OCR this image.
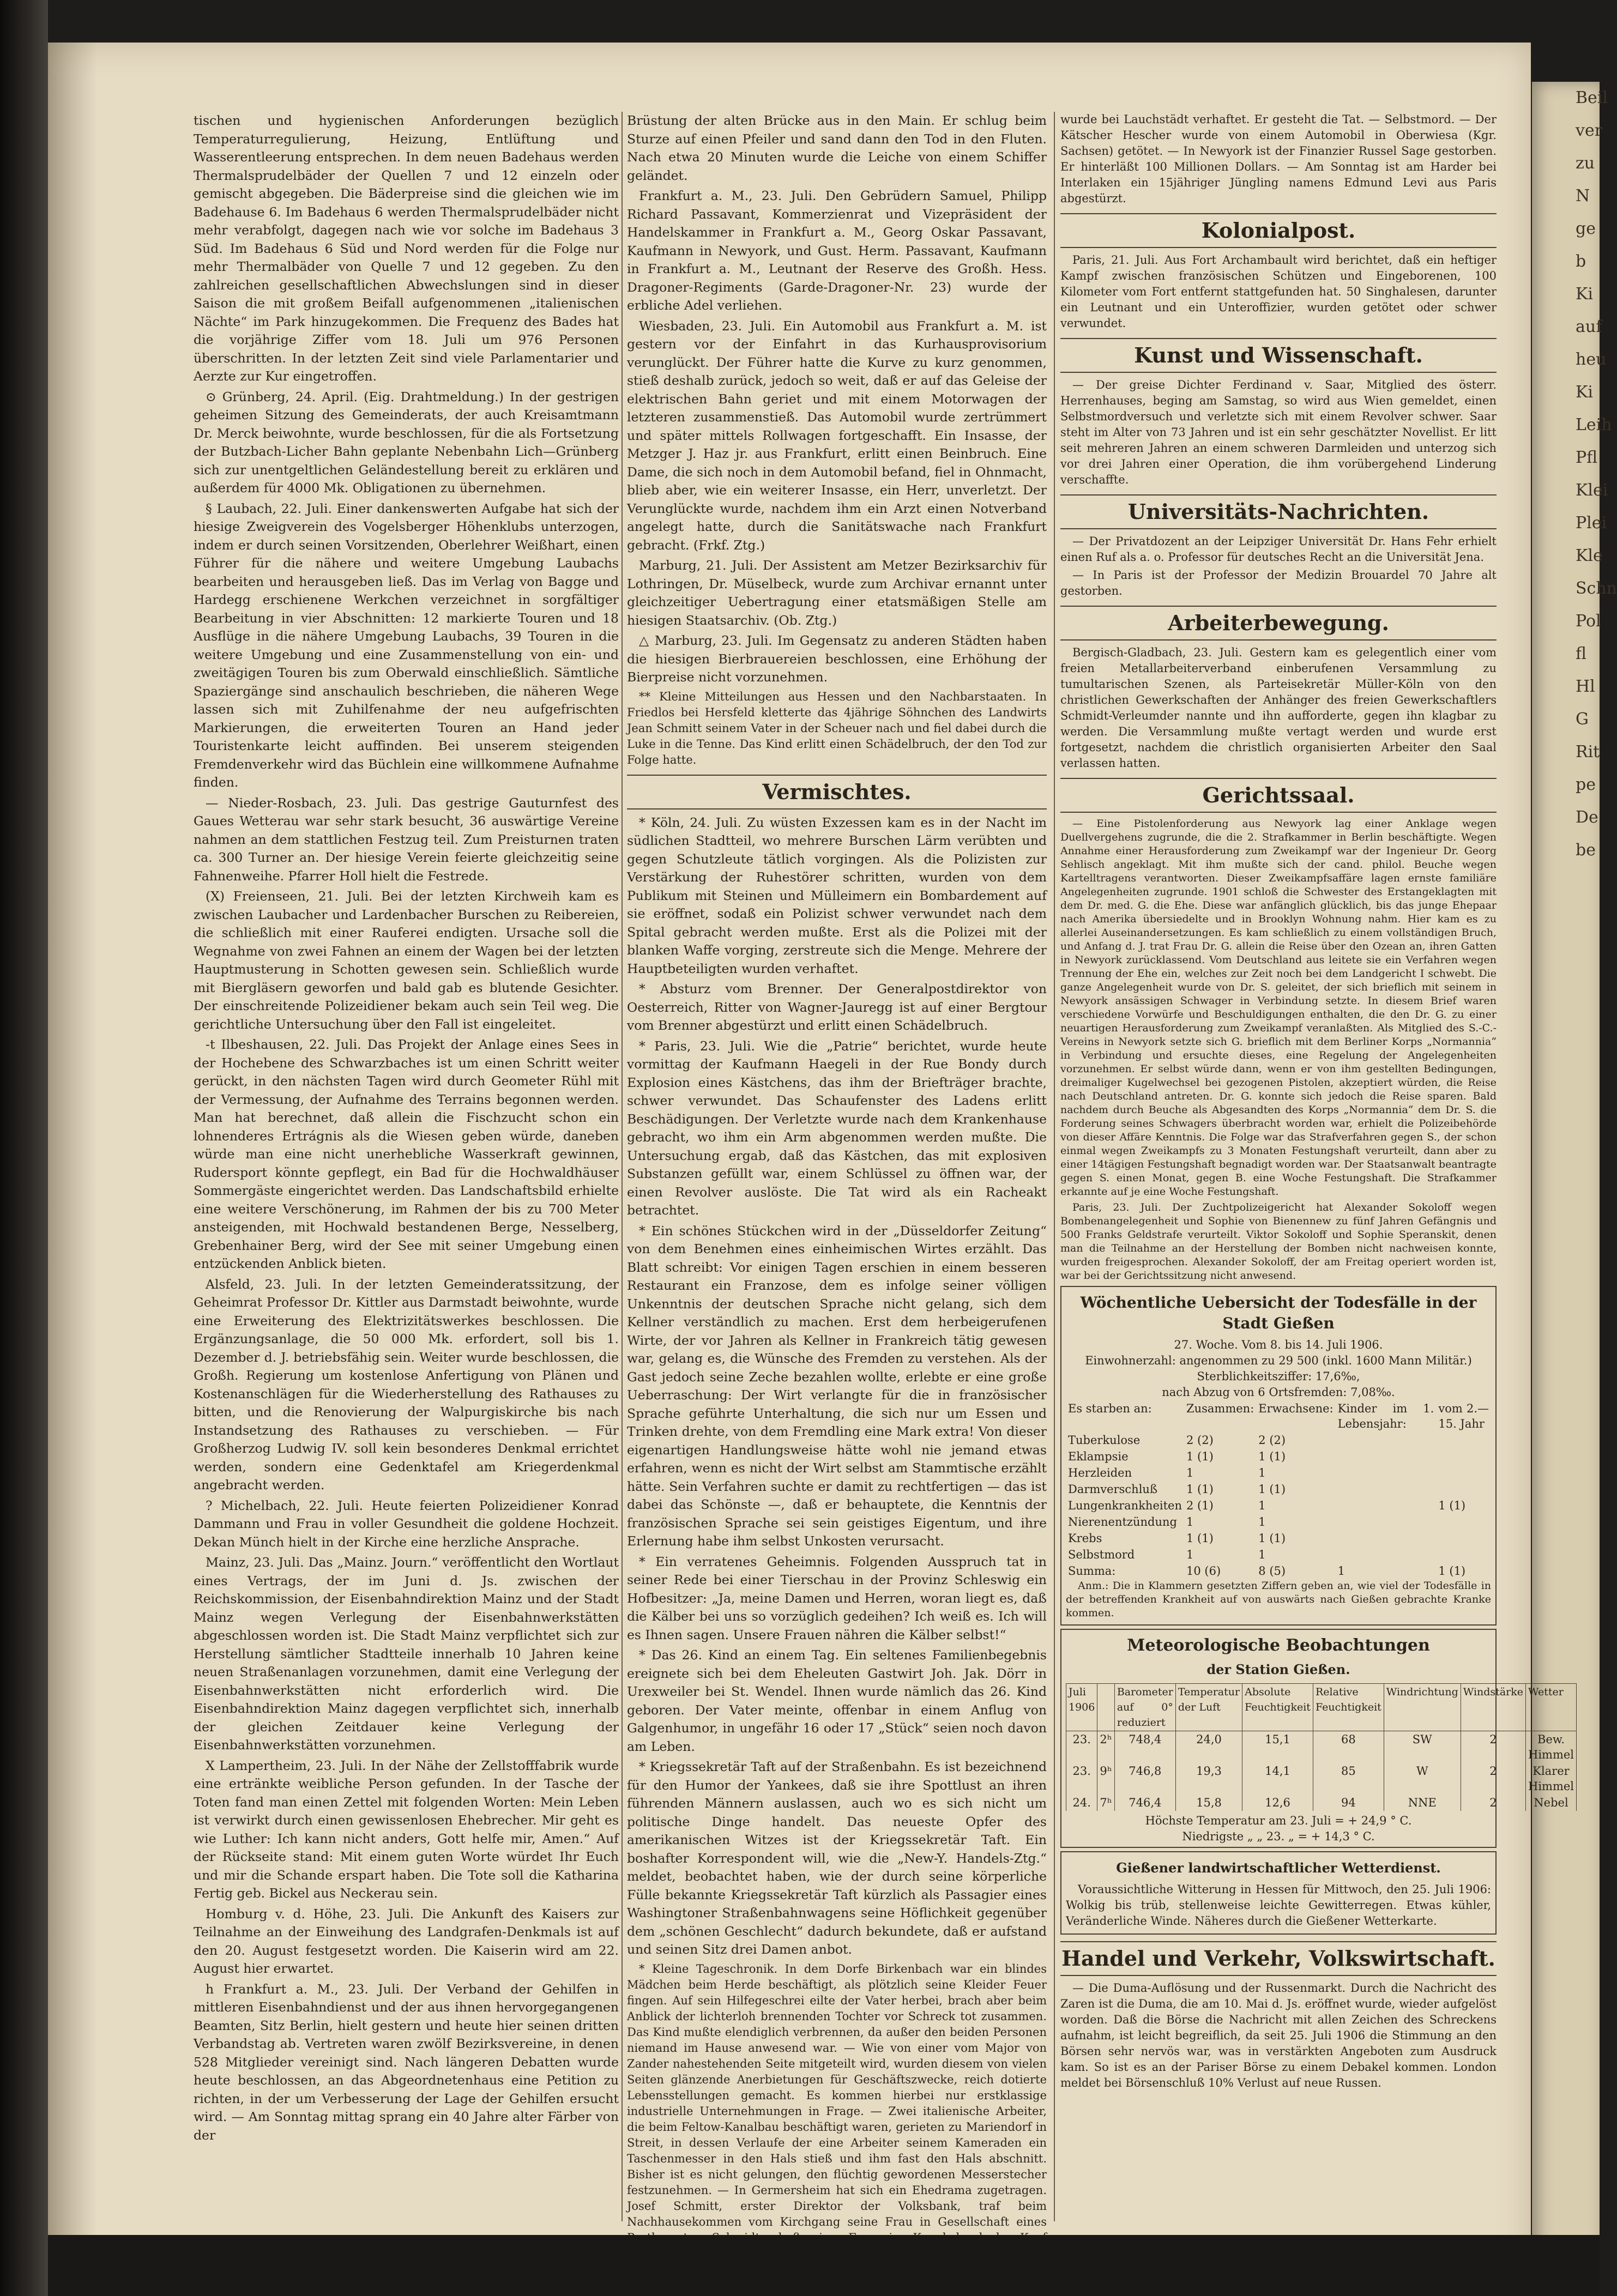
Beil

ver

zu

N

ge

b

Ki

auf

heu

Ki

Leih

Pfl

Klei

Plei

Kle

Schn

Pol

fl

Hl

G

Rit

pe

De

be

tischen und hygienischen Anforderungen bezüglich Temperaturregulierung, Heizung, Entlüftung und Wasserentleerung entsprechen. In dem neuen Badehaus werden Thermalsprudelbäder der Quellen 7 und 12 einzeln oder gemischt abgegeben. Die Bäderpreise sind die gleichen wie im Badehause 6. Im Badehaus 6 werden Thermalsprudelbäder nicht mehr verabfolgt, dagegen nach wie vor solche im Badehaus 3 Süd. Im Badehaus 6 Süd und Nord werden für die Folge nur mehr Thermalbäder von Quelle 7 und 12 gegeben. Zu den zahlreichen gesellschaftlichen Abwechslungen sind in dieser Saison die mit großem Beifall aufgenommenen „italienischen Nächte“ im Park hinzugekommen. Die Frequenz des Bades hat die vorjährige Ziffer vom 18. Juli um 976 Personen überschritten. In der letzten Zeit sind viele Parlamentarier und Aerzte zur Kur eingetroffen.

⊙ Grünberg, 24. April. (Eig. Drahtmeldung.) In der gestrigen geheimen Sitzung des Gemeinderats, der auch Kreisamtmann Dr. Merck beiwohnte, wurde beschlossen, für die als Fortsetzung der Butzbach-Licher Bahn geplante Nebenbahn Lich—Grünberg sich zur unentgeltlichen Geländestellung bereit zu erklären und außerdem für 4000 Mk. Obligationen zu übernehmen.

§ Laubach, 22. Juli. Einer dankenswerten Aufgabe hat sich der hiesige Zweigverein des Vogelsberger Höhenklubs unterzogen, indem er durch seinen Vorsitzenden, Oberlehrer Weißhart, einen Führer für die nähere und weitere Umgebung Laubachs bearbeiten und herausgeben ließ. Das im Verlag von Bagge und Hardegg erschienene Werkchen verzeichnet in sorgfältiger Bearbeitung in vier Abschnitten: 12 markierte Touren und 18 Ausflüge in die nähere Umgebung Laubachs, 39 Touren in die weitere Umgebung und eine Zusammenstellung von ein- und zweitägigen Touren bis zum Oberwald einschließlich. Sämtliche Spaziergänge sind anschaulich beschrieben, die näheren Wege lassen sich mit Zuhilfenahme der neu aufgefrischten Markierungen, die erweiterten Touren an Hand jeder Touristenkarte leicht auffinden. Bei unserem steigenden Fremdenverkehr wird das Büchlein eine willkommene Aufnahme finden.

— Nieder-Rosbach, 23. Juli. Das gestrige Gauturnfest des Gaues Wetterau war sehr stark besucht, 36 auswärtige Vereine nahmen an dem stattlichen Festzug teil. Zum Preisturnen traten ca. 300 Turner an. Der hiesige Verein feierte gleichzeitig seine Fahnenweihe. Pfarrer Holl hielt die Festrede.

(X) Freienseen, 21. Juli. Bei der letzten Kirchweih kam es zwischen Laubacher und Lardenbacher Burschen zu Reibereien, die schließlich mit einer Rauferei endigten. Ursache soll die Wegnahme von zwei Fahnen an einem der Wagen bei der letzten Hauptmusterung in Schotten gewesen sein. Schließlich wurde mit Biergläsern geworfen und bald gab es blutende Gesichter. Der einschreitende Polizeidiener bekam auch sein Teil weg. Die gerichtliche Untersuchung über den Fall ist eingeleitet.

-t Ilbeshausen, 22. Juli. Das Projekt der Anlage eines Sees in der Hochebene des Schwarzbaches ist um einen Schritt weiter gerückt, in den nächsten Tagen wird durch Geometer Rühl mit der Vermessung, der Aufnahme des Terrains begonnen werden. Man hat berechnet, daß allein die Fischzucht schon ein lohnenderes Ertrágnis als die Wiesen geben würde, daneben würde man eine nicht unerhebliche Wasserkraft gewinnen, Rudersport könnte gepflegt, ein Bad für die Hochwaldhäuser Sommergäste eingerichtet werden. Das Landschaftsbild erhielte eine weitere Verschönerung, im Rahmen der bis zu 700 Meter ansteigenden, mit Hochwald bestandenen Berge, Nesselberg, Grebenhainer Berg, wird der See mit seiner Umgebung einen entzückenden Anblick bieten.

Alsfeld, 23. Juli. In der letzten Gemeinderatssitzung, der Geheimrat Professor Dr. Kittler aus Darmstadt beiwohnte, wurde eine Erweiterung des Elektrizitätswerkes beschlossen. Die Ergänzungsanlage, die 50 000 Mk. erfordert, soll bis 1. Dezember d. J. betriebsfähig sein. Weiter wurde beschlossen, die Großh. Regierung um kostenlose Anfertigung von Plänen und Kostenanschlägen für die Wiederherstellung des Rathauses zu bitten, und die Renovierung der Walpurgiskirche bis nach Instandsetzung des Rathauses zu verschieben. — Für Großherzog Ludwig IV. soll kein besonderes Denkmal errichtet werden, sondern eine Gedenktafel am Kriegerdenkmal angebracht werden.

? Michelbach, 22. Juli. Heute feierten Polizeidiener Konrad Dammann und Frau in voller Gesundheit die goldene Hochzeit. Dekan Münch hielt in der Kirche eine herzliche Ansprache.

Mainz, 23. Juli. Das „Mainz. Journ.“ veröffentlicht den Wortlaut eines Vertrags, der im Juni d. Js. zwischen der Reichskommission, der Eisenbahndirektion Mainz und der Stadt Mainz wegen Verlegung der Eisenbahnwerkstätten abgeschlossen worden ist. Die Stadt Mainz verpflichtet sich zur Herstellung sämtlicher Stadtteile innerhalb 10 Jahren keine neuen Straßenanlagen vorzunehmen, damit eine Verlegung der Eisenbahnwerkstätten nicht erforderlich wird. Die Eisenbahndirektion Mainz dagegen verpflichtet sich, innerhalb der gleichen Zeitdauer keine Verlegung der Eisenbahnwerkstätten vorzunehmen.

X Lampertheim, 23. Juli. In der Nähe der Zellstofffabrik wurde eine ertränkte weibliche Person gefunden. In der Tasche der Toten fand man einen Zettel mit folgenden Worten: Mein Leben ist verwirkt durch einen gewissenlosen Ehebrecher. Mir geht es wie Luther: Ich kann nicht anders, Gott helfe mir, Amen.“ Auf der Rückseite stand: Mit einem guten Worte würdet Ihr Euch und mir die Schande erspart haben. Die Tote soll die Katharina Fertig geb. Bickel aus Neckerau sein.

Homburg v. d. Höhe, 23. Juli. Die Ankunft des Kaisers zur Teilnahme an der Einweihung des Landgrafen-Denkmals ist auf den 20. August festgesetzt worden. Die Kaiserin wird am 22. August hier erwartet.

h Frankfurt a. M., 23. Juli. Der Verband der Gehilfen in mittleren Eisenbahndienst und der aus ihnen hervorgegangenen Beamten, Sitz Berlin, hielt gestern und heute hier seinen dritten Verbandstag ab. Vertreten waren zwölf Bezirksvereine, in denen 528 Mitglieder vereinigt sind. Nach längeren Debatten wurde heute beschlossen, an das Abgeordnetenhaus eine Petition zu richten, in der um Verbesserung der Lage der Gehilfen ersucht wird. — Am Sonntag mittag sprang ein 40 Jahre alter Färber von der

Brüstung der alten Brücke aus in den Main. Er schlug beim Sturze auf einen Pfeiler und sand dann den Tod in den Fluten. Nach etwa 20 Minuten wurde die Leiche von einem Schiffer geländet.

Frankfurt a. M., 23. Juli. Den Gebrüdern Samuel, Philipp Richard Passavant, Kommerzienrat und Vizepräsident der Handelskammer in Frankfurt a. M., Georg Oskar Passavant, Kaufmann in Newyork, und Gust. Herm. Passavant, Kaufmann in Frankfurt a. M., Leutnant der Reserve des Großh. Hess. Dragoner-Regiments (Garde-Dragoner-Nr. 23) wurde der erbliche Adel verliehen.

Wiesbaden, 23. Juli. Ein Automobil aus Frankfurt a. M. ist gestern vor der Einfahrt in das Kurhausprovisorium verunglückt. Der Führer hatte die Kurve zu kurz genommen, stieß deshalb zurück, jedoch so weit, daß er auf das Geleise der elektrischen Bahn geriet und mit einem Motorwagen der letzteren zusammenstieß. Das Automobil wurde zertrümmert und später mittels Rollwagen fortgeschafft. Ein Insasse, der Metzger J. Haz jr. aus Frankfurt, erlitt einen Beinbruch. Eine Dame, die sich noch in dem Automobil befand, fiel in Ohnmacht, blieb aber, wie ein weiterer Insasse, ein Herr, unverletzt. Der Verunglückte wurde, nachdem ihm ein Arzt einen Notverband angelegt hatte, durch die Sanitätswache nach Frankfurt gebracht. (Frkf. Ztg.)

Marburg, 21. Juli. Der Assistent am Metzer Bezirksarchiv für Lothringen, Dr. Müselbeck, wurde zum Archivar ernannt unter gleichzeitiger Uebertragung einer etatsmäßigen Stelle am hiesigen Staatsarchiv. (Ob. Ztg.)

△ Marburg, 23. Juli. Im Gegensatz zu anderen Städten haben die hiesigen Bierbrauereien beschlossen, eine Erhöhung der Bierpreise nicht vorzunehmen.

** Kleine Mitteilungen aus Hessen und den Nachbarstaaten. In Friedlos bei Hersfeld kletterte das 4jährige Söhnchen des Landwirts Jean Schmitt seinem Vater in der Scheuer nach und fiel dabei durch die Luke in die Tenne. Das Kind erlitt einen Schädelbruch, der den Tod zur Folge hatte.

Vermischtes.

* Köln, 24. Juli. Zu wüsten Exzessen kam es in der Nacht im südlichen Stadtteil, wo mehrere Burschen Lärm verübten und gegen Schutzleute tätlich vorgingen. Als die Polizisten zur Verstärkung der Ruhestörer schritten, wurden von dem Publikum mit Steinen und Mülleimern ein Bombardement auf sie eröffnet, sodaß ein Polizist schwer verwundet nach dem Spital gebracht werden mußte. Erst als die Polizei mit der blanken Waffe vorging, zerstreute sich die Menge. Mehrere der Hauptbeteiligten wurden verhaftet.

* Absturz vom Brenner. Der Generalpostdirektor von Oesterreich, Ritter von Wagner-Jauregg ist auf einer Bergtour vom Brenner abgestürzt und erlitt einen Schädelbruch.

* Paris, 23. Juli. Wie die „Patrie“ berichtet, wurde heute vormittag der Kaufmann Haegeli in der Rue Bondy durch Explosion eines Kästchens, das ihm der Briefträger brachte, schwer verwundet. Das Schaufenster des Ladens erlitt Beschädigungen. Der Verletzte wurde nach dem Krankenhause gebracht, wo ihm ein Arm abgenommen werden mußte. Die Untersuchung ergab, daß das Kästchen, das mit explosiven Substanzen gefüllt war, einem Schlüssel zu öffnen war, der einen Revolver auslöste. Die Tat wird als ein Racheakt betrachtet.

* Ein schönes Stückchen wird in der „Düsseldorfer Zeitung“ von dem Benehmen eines einheimischen Wirtes erzählt. Das Blatt schreibt: Vor einigen Tagen erschien in einem besseren Restaurant ein Franzose, dem es infolge seiner völligen Unkenntnis der deutschen Sprache nicht gelang, sich dem Kellner verständlich zu machen. Erst dem herbeigerufenen Wirte, der vor Jahren als Kellner in Frankreich tätig gewesen war, gelang es, die Wünsche des Fremden zu verstehen. Als der Gast jedoch seine Zeche bezahlen wollte, erlebte er eine große Ueberraschung: Der Wirt verlangte für die in französischer Sprache geführte Unterhaltung, die sich nur um Essen und Trinken drehte, von dem Fremdling eine Mark extra! Von dieser eigenartigen Handlungsweise hätte wohl nie jemand etwas erfahren, wenn es nicht der Wirt selbst am Stammtische erzählt hätte. Sein Verfahren suchte er damit zu rechtfertigen — das ist dabei das Schönste —, daß er behauptete, die Kenntnis der französischen Sprache sei sein geistiges Eigentum, und ihre Erlernung habe ihm selbst Unkosten verursacht.

* Ein verratenes Geheimnis. Folgenden Ausspruch tat in seiner Rede bei einer Tierschau in der Provinz Schleswig ein Hofbesitzer: „Ja, meine Damen und Herren, woran liegt es, daß die Kälber bei uns so vorzüglich gedeihen? Ich weiß es. Ich will es Ihnen sagen. Unsere Frauen nähren die Kälber selbst!“

* Das 26. Kind an einem Tag. Ein seltenes Familienbegebnis ereignete sich bei dem Eheleuten Gastwirt Joh. Jak. Dörr in Urexweiler bei St. Wendel. Ihnen wurde nämlich das 26. Kind geboren. Der Vater meinte, offenbar in einem Anflug von Galgenhumor, in ungefähr 16 oder 17 „Stück“ seien noch davon am Leben.

* Kriegssekretär Taft auf der Straßenbahn. Es ist bezeichnend für den Humor der Yankees, daß sie ihre Spottlust an ihren führenden Männern auslassen, auch wo es sich nicht um politische Dinge handelt. Das neueste Opfer des amerikanischen Witzes ist der Kriegssekretär Taft. Ein boshafter Korrespondent will, wie die „New-Y. Handels-Ztg.“ meldet, beobachtet haben, wie der durch seine körperliche Fülle bekannte Kriegssekretär Taft kürzlich als Passagier eines Washingtoner Straßenbahnwagens seine Höflichkeit gegenüber dem „schönen Geschlecht“ dadurch bekundete, daß er aufstand und seinen Sitz drei Damen anbot.

* Kleine Tageschronik. In dem Dorfe Birkenbach war ein blindes Mädchen beim Herde beschäftigt, als plötzlich seine Kleider Feuer fingen. Auf sein Hilfegeschrei eilte der Vater herbei, brach aber beim Anblick der lichterloh brennenden Tochter vor Schreck tot zusammen. Das Kind mußte elendiglich verbrennen, da außer den beiden Personen niemand im Hause anwesend war. — Wie von einer vom Major von Zander nahestehenden Seite mitgeteilt wird, wurden diesem von vielen Seiten glänzende Anerbietungen für Geschäftszwecke, reich dotierte Lebensstellungen gemacht. Es kommen hierbei nur erstklassige industrielle Unternehmungen in Frage. — Zwei italienische Arbeiter, die beim Feltow-Kanalbau beschäftigt waren, gerieten zu Mariendorf in Streit, in dessen Verlaufe der eine Arbeiter seinem Kameraden ein Taschenmesser in den Hals stieß und ihm fast den Hals abschnitt. Bisher ist es nicht gelungen, den flüchtig gewordenen Messerstecher festzunehmen. — In Germersheim hat sich ein Ehedrama zugetragen. Josef Schmitt, erster Direktor der Volksbank, traf beim Nachhausekommen vom Kirchgang seine Frau in Gesellschaft eines

wurde bei Lauchstädt verhaftet. Er gesteht die Tat. — Selbstmord. — Der Kätscher Hescher wurde von einem Automobil in Oberwiesa (Kgr. Sachsen) getötet. — In Newyork ist der Finanzier Russel Sage gestorben. Er hinterläßt 100 Millionen Dollars. — Am Sonntag ist am Harder bei Interlaken ein 15jähriger Jüngling namens Edmund Levi aus Paris abgestürzt.

Kolonialpost.

Paris, 21. Juli. Aus Fort Archambault wird berichtet, daß ein heftiger Kampf zwischen französischen Schützen und Eingeborenen, 100 Kilometer vom Fort entfernt stattgefunden hat. 50 Singhalesen, darunter ein Leutnant und ein Unteroffizier, wurden getötet oder schwer verwundet.

Kunst und Wissenschaft.

— Der greise Dichter Ferdinand v. Saar, Mitglied des österr. Herrenhauses, beging am Samstag, so wird aus Wien gemeldet, einen Selbstmordversuch und verletzte sich mit einem Revolver schwer. Saar steht im Alter von 73 Jahren und ist ein sehr geschätzter Novellist. Er litt seit mehreren Jahren an einem schweren Darmleiden und unterzog sich vor drei Jahren einer Operation, die ihm vorübergehend Linderung verschaffte.

Universitäts-Nachrichten.

— Der Privatdozent an der Leipziger Universität Dr. Hans Fehr erhielt einen Ruf als a. o. Professor für deutsches Recht an die Universität Jena.

— In Paris ist der Professor der Medizin Brouardel 70 Jahre alt gestorben.

Arbeiterbewegung.

Bergisch-Gladbach, 23. Juli. Gestern kam es gelegentlich einer vom freien Metallarbeiterverband einberufenen Versammlung zu tumultarischen Szenen, als Parteisekretär Müller-Köln von den christlichen Gewerkschaften der Anhänger des freien Gewerkschaftlers Schmidt-Verleumder nannte und ihn aufforderte, gegen ihn klagbar zu werden. Die Versammlung mußte vertagt werden und wurde erst fortgesetzt, nachdem die christlich organisierten Arbeiter den Saal verlassen hatten.

Gerichtssaal.

— Eine Pistolenforderung aus Newyork lag einer Anklage wegen Duellvergehens zugrunde, die die 2. Strafkammer in Berlin beschäftigte. Wegen Annahme einer Herausforderung zum Zweikampf war der Ingenieur Dr. Georg Sehlisch angeklagt. Mit ihm mußte sich der cand. philol. Beuche wegen Kartelltragens verantworten. Dieser Zweikampfsaffäre lagen ernste familiäre Angelegenheiten zugrunde. 1901 schloß die Schwester des Erstangeklagten mit dem Dr. med. G. die Ehe. Diese war anfänglich glücklich, bis das junge Ehepaar nach Amerika übersiedelte und in Brooklyn Wohnung nahm. Hier kam es zu allerlei Auseinandersetzungen. Es kam schließlich zu einem vollständigen Bruch, und Anfang d. J. trat Frau Dr. G. allein die Reise über den Ozean an, ihren Gatten in Newyork zurücklassend. Vom Deutschland aus leitete sie ein Verfahren wegen Trennung der Ehe ein, welches zur Zeit noch bei dem Landgericht I schwebt. Die ganze Angelegenheit wurde von Dr. S. geleitet, der sich brieflich mit seinem in Newyork ansässigen Schwager in Verbindung setzte. In diesem Brief waren verschiedene Vorwürfe und Beschuldigungen enthalten, die den Dr. G. zu einer neuartigen Herausforderung zum Zweikampf veranlaßten. Als Mitglied des S.-C.-Vereins in Newyork setzte sich G. brieflich mit dem Berliner Korps „Normannia“ in Verbindung und ersuchte dieses, eine Regelung der Angelegenheiten vorzunehmen. Er selbst würde dann, wenn er von ihm gestellten Bedingungen, dreimaliger Kugelwechsel bei gezogenen Pistolen, akzeptiert würden, die Reise nach Deutschland antreten. Dr. G. konnte sich jedoch die Reise sparen. Bald nachdem durch Beuche als Abgesandten des Korps „Normannia“ dem Dr. S. die Forderung seines Schwagers überbracht worden war, erhielt die Polizeibehörde von dieser Affäre Kenntnis. Die Folge war das Strafverfahren gegen S., der schon einmal wegen Zweikampfs zu 3 Monaten Festungshaft verurteilt, dann aber zu einer 14tägigen Festungshaft begnadigt worden war. Der Staatsanwalt beantragte gegen S. einen Monat, gegen B. eine Woche Festungshaft. Die Strafkammer erkannte auf je eine Woche Festungshaft.

Paris, 23. Juli. Der Zuchtpolizeigericht hat Alexander Sokoloff wegen Bombenangelegenheit und Sophie von Bienennew zu fünf Jahren Gefängnis und 500 Franks Geldstrafe verurteilt. Viktor Sokoloff und Sophie Speranskit, denen man die Teilnahme an der Herstellung der Bomben nicht nachweisen konnte, wurden freigesprochen. Alexander Sokoloff, der am Freitag operiert worden ist, war bei der Gerichtssitzung nicht anwesend.

Wöchentliche Uebersicht der Todesfälle in der Stadt Gießen
27. Woche. Vom 8. bis 14. Juli 1906.
Einwohnerzahl: angenommen zu 29 500 (inkl. 1600 Mann Militär.)
Sterblichkeitsziffer: 17,6‰,
nach Abzug von 6 Ortsfremden: 7,08‰.
Es starben an:	Zusammen:	Erwachsene:	Kinder im 1. Lebensjahr:	vom 2.—15. Jahr
Tuberkulose	2 (2)	2 (2)		
Eklampsie	1 (1)	1 (1)		
Herzleiden	1	1		
Darmverschluß	1 (1)	1 (1)		
Lungenkrankheiten	2 (1)	1		1 (1)
Nierenentzündung	1	1		
Krebs	1 (1)	1 (1)		
Selbstmord	1	1		
Summa:	10 (6)	8 (5)	1	1 (1)

Anm.: Die in Klammern gesetzten Ziffern geben an, wie viel der Todesfälle in der betreffenden Krankheit auf von auswärts nach Gießen gebrachte Kranke kommen.

Meteorologische Beobachtungen
der Station Gießen.
Juli 1906		Barometer auf 0° reduziert	Temperatur der Luft	Absolute Feuchtigkeit	Relative Feuchtigkeit	Windrichtung	Windstärke	Wetter
23.	2ʰ	748,4	24,0	15,1	68	SW	2	Bew. Himmel
23.	9ʰ	746,8	19,3	14,1	85	W	2	Klarer Himmel
24.	7ʰ	746,4	15,8	12,6	94	NNE	2	Nebel
Höchste Temperatur am 23. Juli = + 24,9 ° C.
Niedrigste „ „ 23. „ = + 14,3 ° C.
Gießener landwirtschaftlicher Wetterdienst.

Voraussichtliche Witterung in Hessen für Mittwoch, den 25. Juli 1906: Wolkig bis trüb, stellenweise leichte Gewitterregen. Etwas kühler, Veränderliche Winde. Näheres durch die Gießener Wetterkarte.

Handel und Verkehr, Volkswirtschaft.

— Die Duma-Auflösung und der Russenmarkt. Durch die Nachricht des Zaren ist die Duma, die am 10. Mai d. Js. eröffnet wurde, wieder aufgelöst worden. Daß die Börse die Nachricht mit allen Zeichen des Schreckens aufnahm, ist leicht begreiflich, da seit 25. Juli 1906 die Stimmung an den Börsen sehr nervös war, was in verstärkten Angeboten zum Ausdruck kam. So ist es an der Pariser Börse zu einem Debakel kommen. London meldet bei Börsenschluß 10% Verlust auf neue Russen.
